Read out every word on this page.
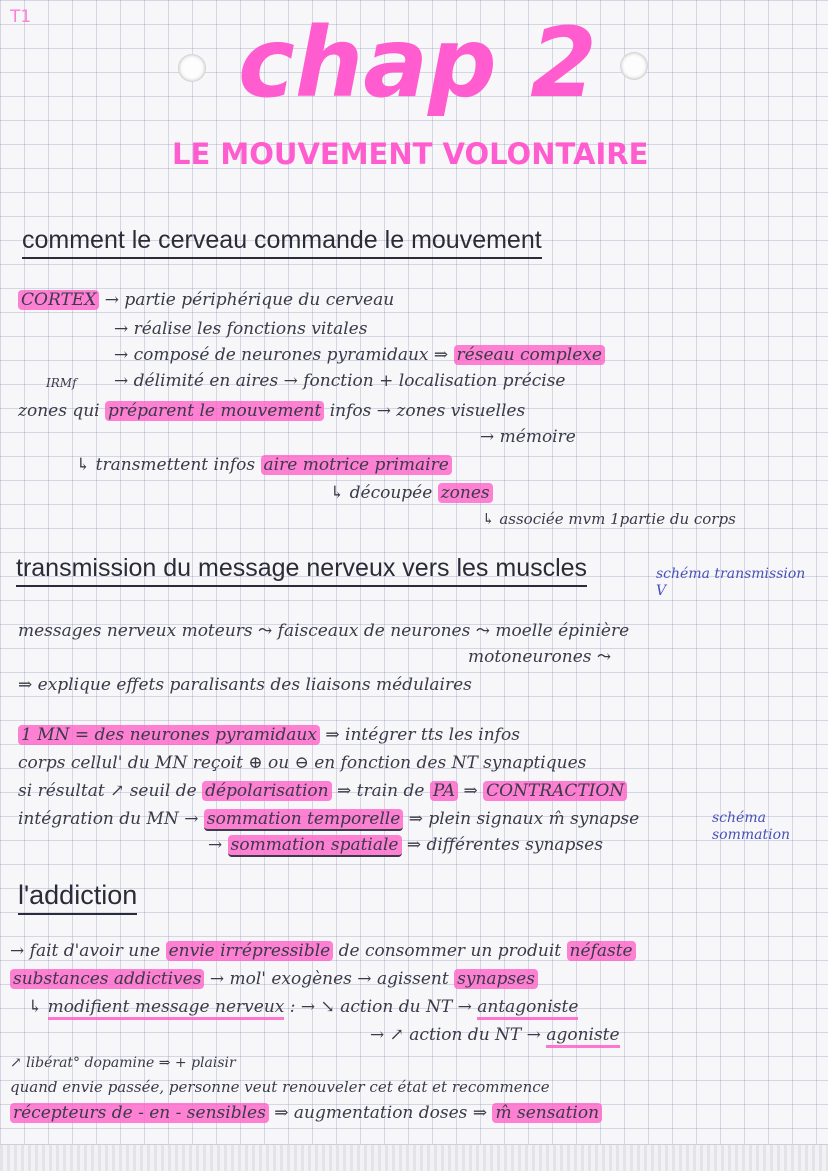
T1 chap 2
LE MOUVEMENT VOLONTAIRE
comment le cerveau commande le mouvement
CORTEX → partie périphérique du cerveau
→ réalise les fonctions vitales
→ composé de neurones pyramidaux ⇒ réseau complexe
IRMf → délimité en aires → fonction + localisation précise
zones qui préparent le mouvement infos → zones visuelles
→ mémoire
↳ transmettent infos aire motrice primaire
↳ découpée zones
↳ associée mvm 1partie du corps
transmission du message nerveux vers les muscles	schéma transmission V
messages nerveux moteurs ⤳ faisceaux de neurones ⤳ moelle épinière
motoneurones ⤳
⇒ explique effets paralisants des liaisons médulaires
1 MN = des neurones pyramidaux ⇒ intégrer tts les infos
corps cellul' du MN reçoit ⊕ ou ⊖ en fonction des NT synaptiques
si résultat ↗ seuil de dépolarisation ⇒ train de PA ⇒ CONTRACTION
intégration du MN → sommation temporelle ⇒ plein signaux m̂ synapse
→ sommation spatiale ⇒ différentes synapses
schéma sommation
l'addiction
→ fait d'avoir une envie irrépressible de consommer un produit néfaste
substances addictives → mol' exogènes → agissent synapses
↳ modifient message nerveux : → ↘ action du NT → antagoniste
→ ↗ action du NT → agoniste
↗ libérat° dopamine ⇒ + plaisir
quand envie passée, personne veut renouveler cet état et recommence
récepteurs de - en - sensibles ⇒ augmentation doses ⇒ m̂ sensation
